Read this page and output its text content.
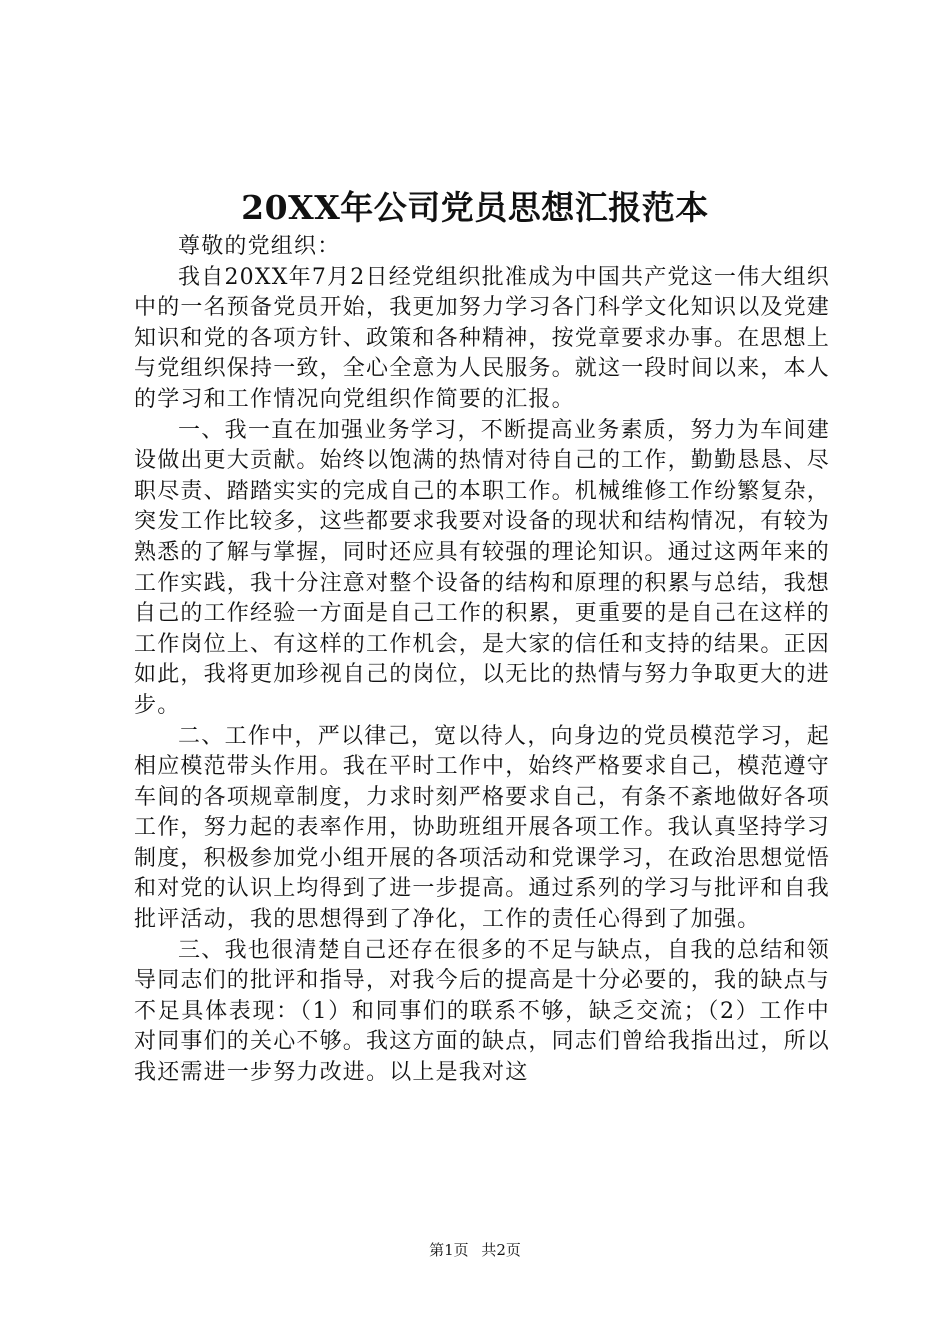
20XX年公司党员思想汇报范本

尊敬的党组织：

我自20XX年7月2日经党组织批准成为中国共产党这一伟大组织中的一名预备党员开始，我更加努力学习各门科学文化知识以及党建知识和党的各项方针、政策和各种精神，按党章要求办事。在思想上与党组织保持一致，全心全意为人民服务。就这一段时间以来，本人的学习和工作情况向党组织作简要的汇报。

一、我一直在加强业务学习，不断提高业务素质，努力为车间建设做出更大贡献。始终以饱满的热情对待自己的工作，勤勤恳恳、尽职尽责、踏踏实实的完成自己的本职工作。机械维修工作纷繁复杂，突发工作比较多，这些都要求我要对设备的现状和结构情况，有较为熟悉的了解与掌握，同时还应具有较强的理论知识。通过这两年来的工作实践，我十分注意对整个设备的结构和原理的积累与总结，我想自己的工作经验一方面是自己工作的积累，更重要的是自己在这样的工作岗位上、有这样的工作机会，是大家的信任和支持的结果。正因如此，我将更加珍视自己的岗位，以无比的热情与努力争取更大的进步。

二、工作中，严以律己，宽以待人，向身边的党员模范学习，起相应模范带头作用。我在平时工作中，始终严格要求自己，模范遵守车间的各项规章制度，力求时刻严格要求自己，有条不紊地做好各项工作，努力起的表率作用，协助班组开展各项工作。我认真坚持学习制度，积极参加党小组开展的各项活动和党课学习，在政治思想觉悟和对党的认识上均得到了进一步提高。通过系列的学习与批评和自我批评活动，我的思想得到了净化，工作的责任心得到了加强。

三、我也很清楚自己还存在很多的不足与缺点，自我的总结和领导同志们的批评和指导，对我今后的提高是十分必要的，我的缺点与不足具体表现：（1）和同事们的联系不够，缺乏交流；（2）工作中对同事们的关心不够。我这方面的缺点，同志们曾给我指出过，所以我还需进一步努力改进。以上是我对这

第1页 共2页
